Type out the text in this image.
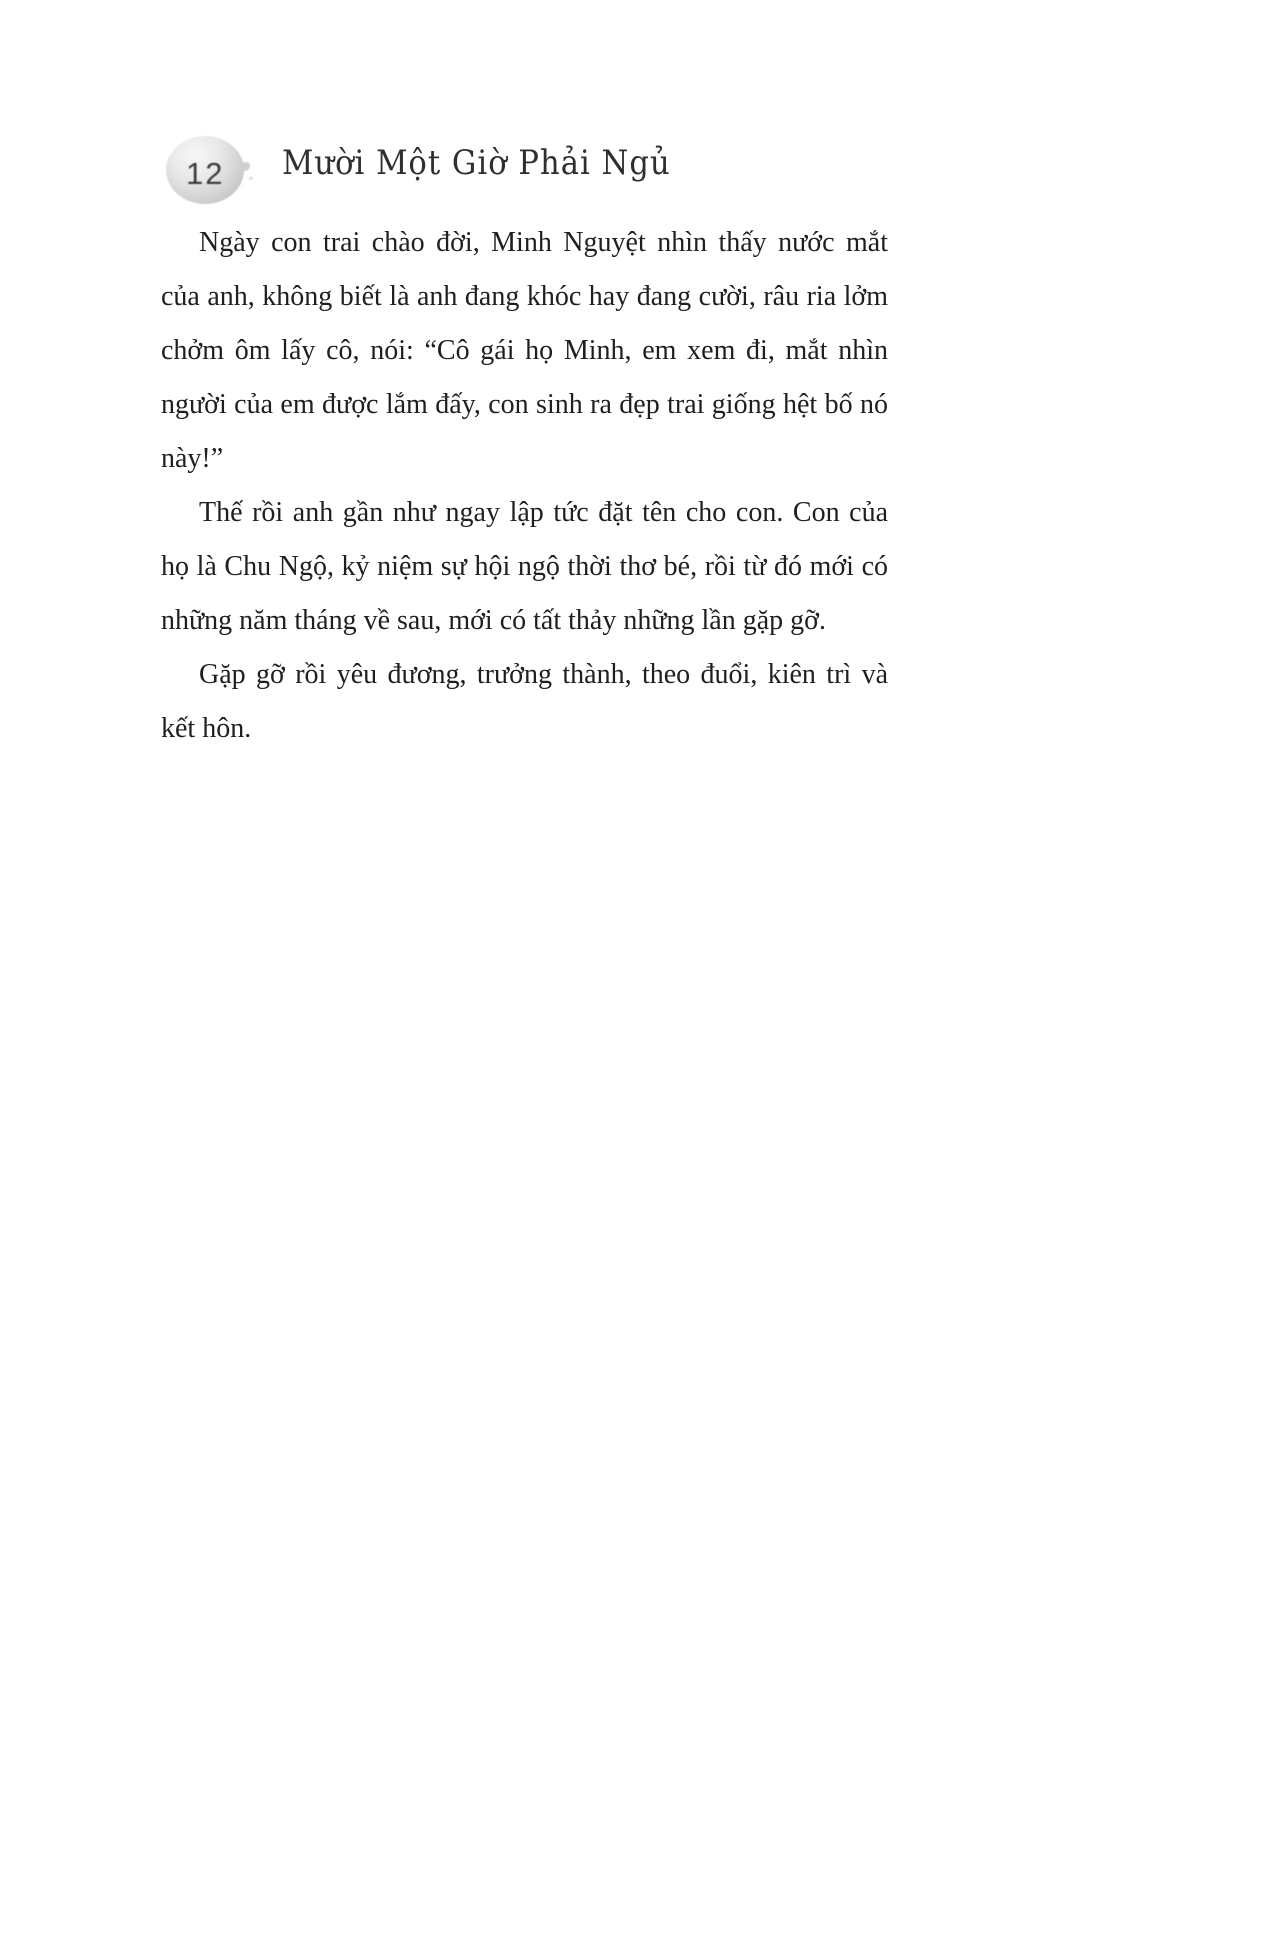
12 Mười Một Giờ Phải Ngủ

Ngày con trai chào đời, Minh Nguyệt nhìn thấy nước mắt của anh, không biết là anh đang khóc hay đang cười, râu ria lởm chởm ôm lấy cô, nói: “Cô gái họ Minh, em xem đi, mắt nhìn người của em được lắm đấy, con sinh ra đẹp trai giống hệt bố nó này!”

Thế rồi anh gần như ngay lập tức đặt tên cho con. Con của họ là Chu Ngộ, kỷ niệm sự hội ngộ thời thơ bé, rồi từ đó mới có những năm tháng về sau, mới có tất thảy những lần gặp gỡ.

Gặp gỡ rồi yêu đương, trưởng thành, theo đuổi, kiên trì và kết hôn.
